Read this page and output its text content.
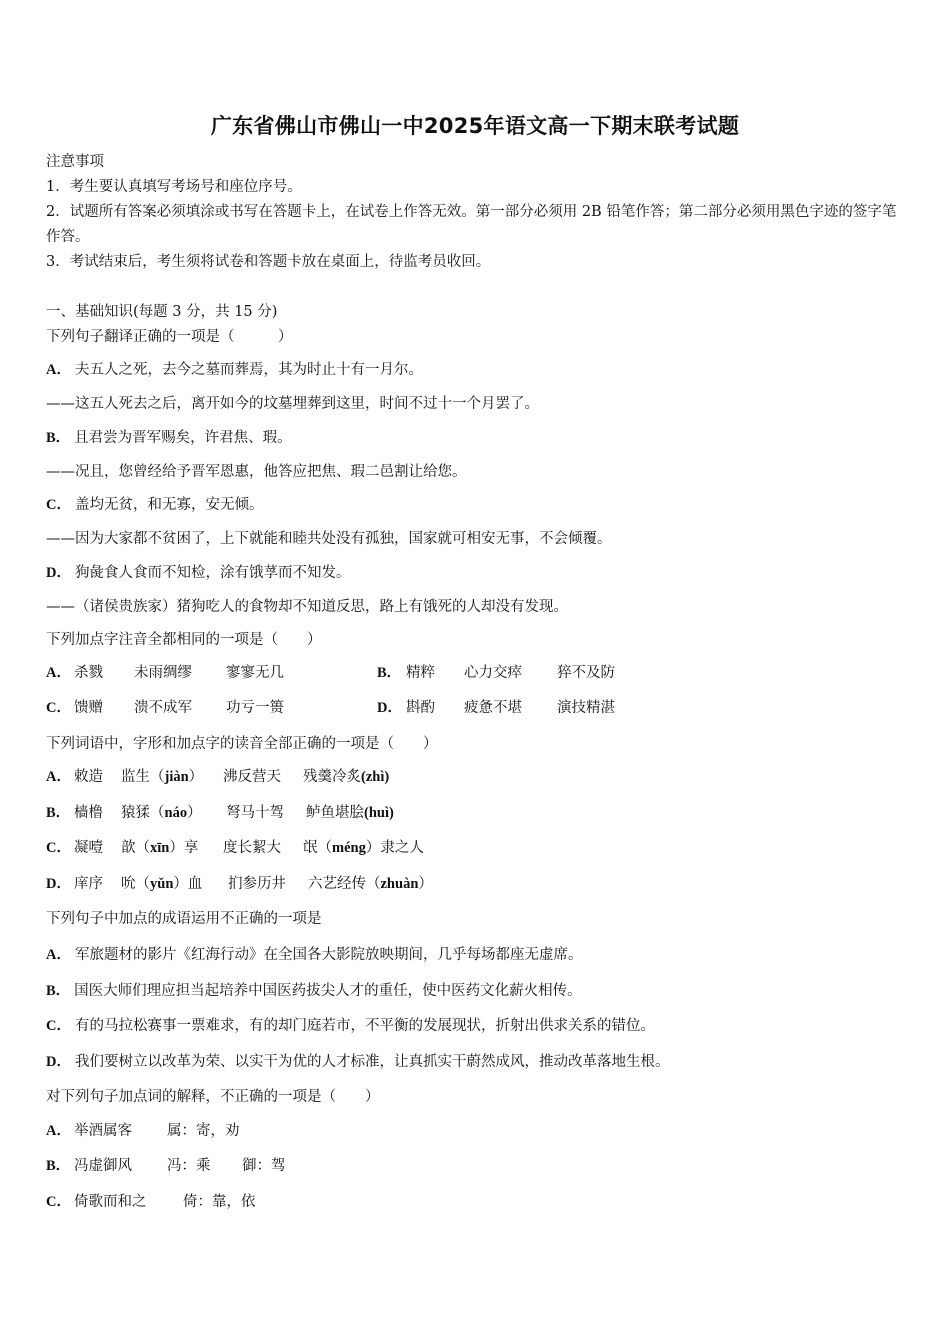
广东省佛山市佛山一中2025年语文高一下期末联考试题
注意事项
1．考生要认真填写考场号和座位序号。
2．试题所有答案必须填涂或书写在答题卡上，在试卷上作答无效。第一部分必须用 2B 铅笔作答；第二部分必须用黑色字迹的签字笔作答。
3．考试结束后，考生须将试卷和答题卡放在桌面上，待监考员收回。
一、基础知识(每题 3 分，共 15 分)
下列句子翻译正确的一项是（　　　）
A． 夫五人之死，去今之墓而葬焉，其为时止十有一月尔。
——这五人死去之后，离开如今的坟墓埋葬到这里，时间不过十一个月罢了。
B． 且君尝为晋军赐矣，许君焦、瑕。
——况且，您曾经给予晋军恩惠，他答应把焦、瑕二邑割让给您。
C． 盖均无贫，和无寡，安无倾。
——因为大家都不贫困了，上下就能和睦共处没有孤独，国家就可相安无事，不会倾覆。
D． 狗彘食人食而不知检，涂有饿莩而不知发。
——（诸侯贵族家）猪狗吃人的食物却不知道反思，路上有饿死的人却没有发现。
下列加点字注音全都相同的一项是（　　）
A． 杀戮 未雨绸缪 寥寥无几	B． 精粹 心力交瘁 猝不及防
C． 馈赠 溃不成军 功亏一篑	D． 斟酌 疲惫不堪 演技精湛
下列词语中，字形和加点字的读音全部正确的一项是（　　）
A． 敕造 监生（jiàn） 沸反营天 残羹冷炙(zhì)
B． 樯橹 猿猱（náo） 弩马十驾 鲈鱼堪脍(huì)
C． 凝噎 歆（xīn）享 度长絜大 氓（méng）隶之人
D． 庠序 吮（yǔn）血 扪参历井 六艺经传（zhuàn）
下列句子中加点的成语运用不正确的一项是
A． 军旅题材的影片《红海行动》在全国各大影院放映期间，几乎每场都座无虚席。
B． 国医大师们理应担当起培养中国医药拔尖人才的重任，使中医药文化薪火相传。
C． 有的马拉松赛事一票难求，有的却门庭若市，不平衡的发展现状，折射出供求关系的错位。
D． 我们要树立以改革为荣、以实干为优的人才标准，让真抓实干蔚然成风，推动改革落地生根。
对下列句子加点词的解释，不正确的一项是（　　）
A． 举酒属客 属：寄，劝
B． 冯虚御风 冯：乘 御：驾
C． 倚歌而和之	倚：靠，依
